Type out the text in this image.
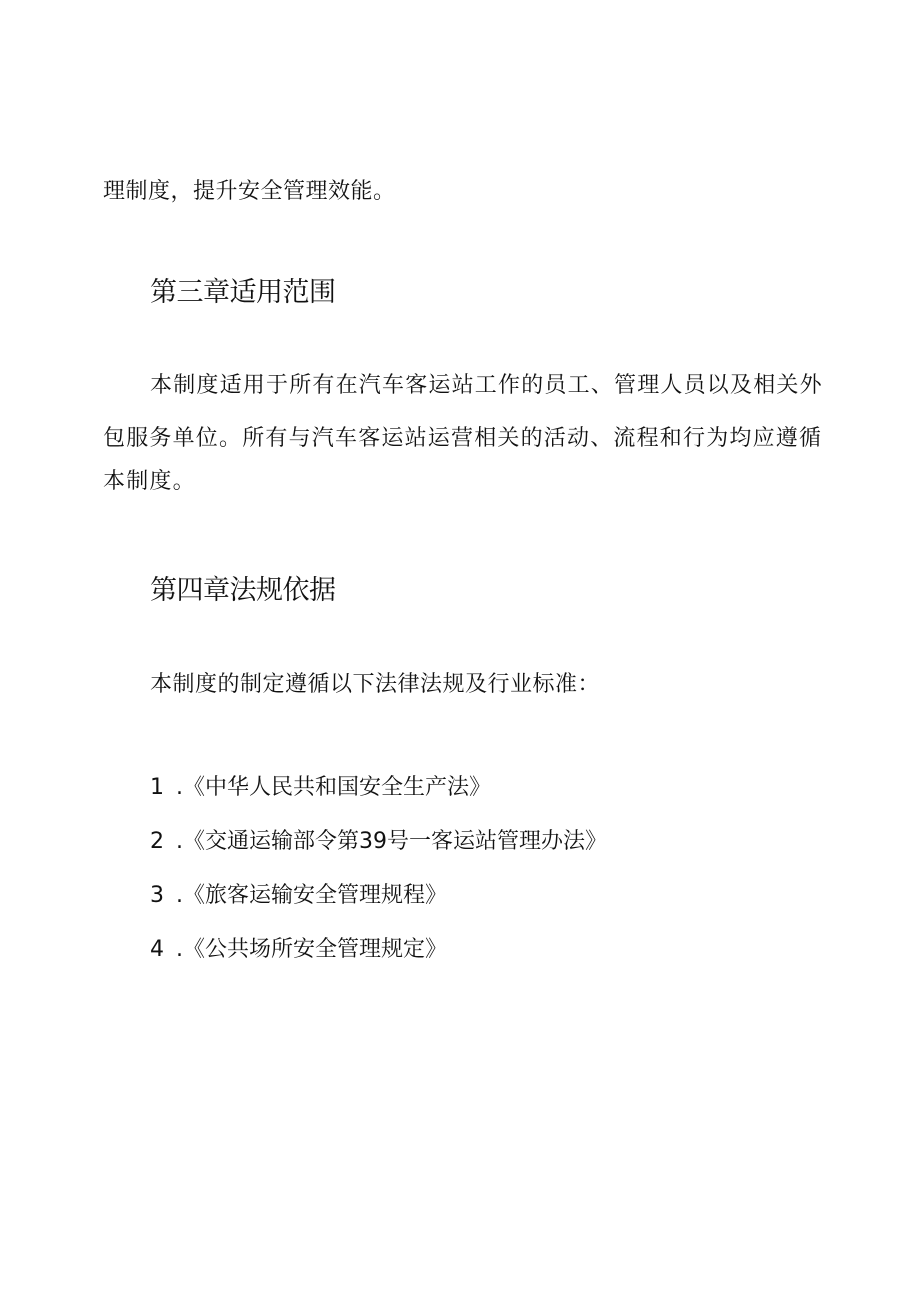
理制度，提升安全管理效能。
第三章适用范围
本制度适用于所有在汽车客运站工作的员工、管理人员以及相关外
包服务单位。所有与汽车客运站运营相关的活动、流程和行为均应遵循
本制度。
第四章法规依据
本制度的制定遵循以下法律法规及行业标准：
1 .《中华人民共和国安全生产法》
2 .《交通运输部令第39号一客运站管理办法》
3 .《旅客运输安全管理规程》
4 .《公共场所安全管理规定》
